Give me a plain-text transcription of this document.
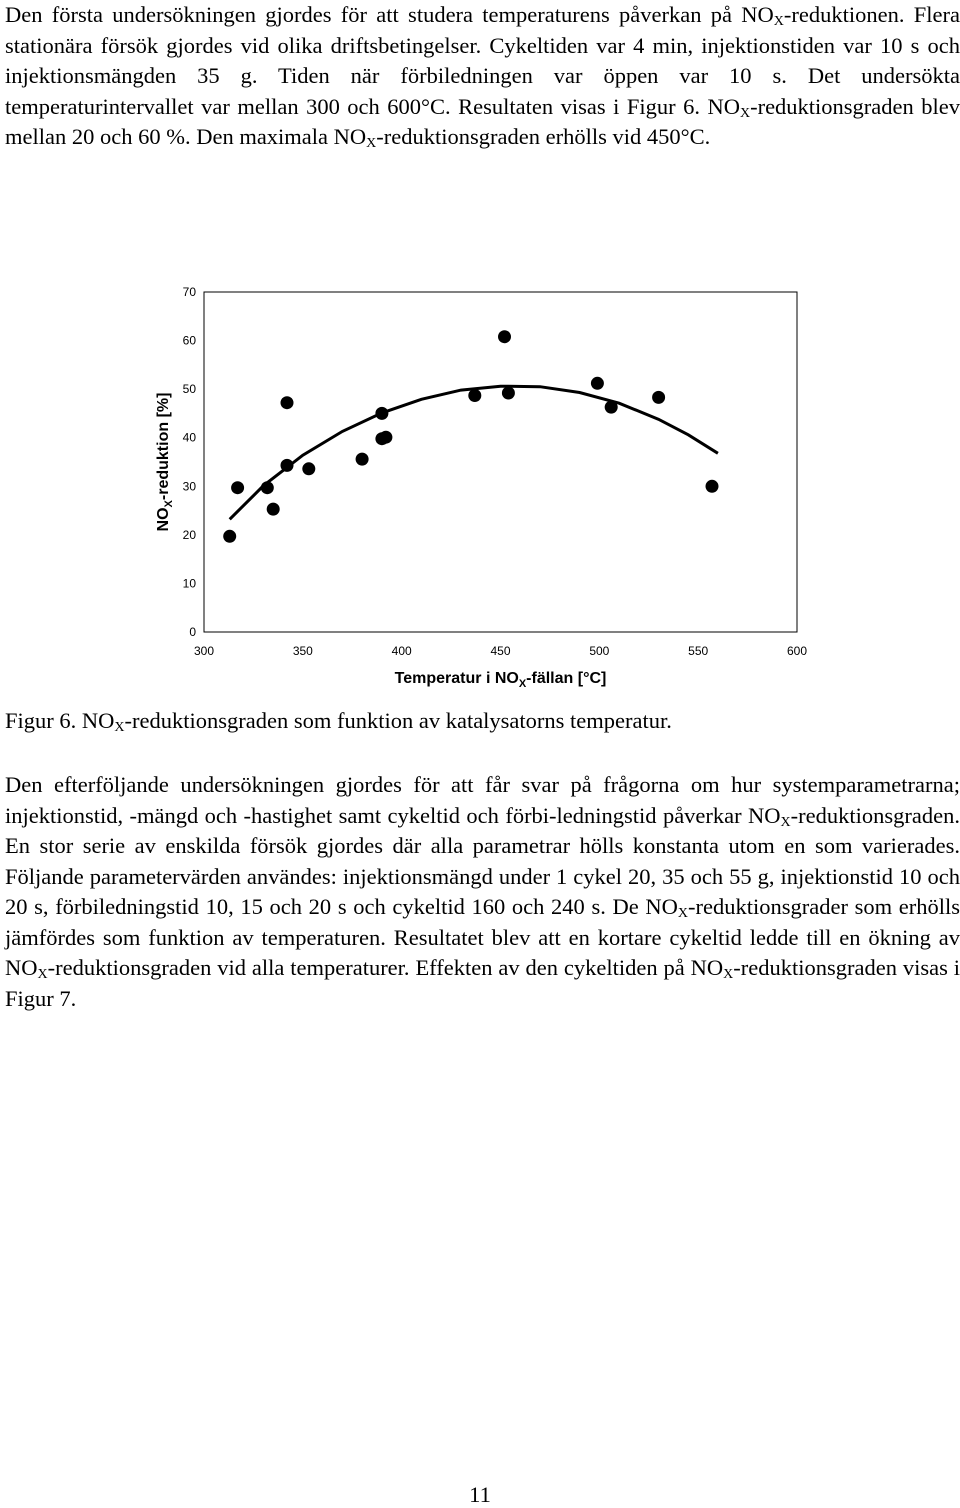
Den första undersökningen gjordes för att studera temperaturens påverkan på $NO_X$-reduktionen. Flera stationära försök gjordes vid olika driftsbetingelser. Cykeltiden var 4 min, injektionstiden var 10 s och injektionsmängden 35 g. Tiden när förbiledningen var öppen var 10 s. Det undersökta temperaturintervallet var mellan 300 och 600°C. Resultaten visas i Figur 6. $NO_X$-reduktionsgraden blev mellan 20 och 60 %. Den maximala $NO_X$-reduktionsgraden erhölls vid 450°C.

0
10
20
30
40
50
60
70
300	350	400	450	500	550	600
$NO_X$-reduktion [%]
Temperatur i $NO_X$-fällan [°C]

Figur 6. $NO_X$-reduktionsgraden som funktion av katalysatorns temperatur.

Den efterföljande undersökningen gjordes för att får svar på frågorna om hur systemparametrarna; injektionstid, -mängd och -hastighet samt cykeltid och förbi-ledningstid påverkar $NO_X$-reduktionsgraden. En stor serie av enskilda försök gjordes där alla parametrar hölls konstanta utom en som varierades. Följande parametervärden användes: injektionsmängd under 1 cykel 20, 35 och 55 g, injektionstid 10 och 20 s, förbiledningstid 10, 15 och 20 s och cykeltid 160 och 240 s. De $NO_X$-reduktionsgrader som erhölls jämfördes som funktion av temperaturen. Resultatet blev att en kortare cykeltid ledde till en ökning av $NO_X$-reduktionsgraden vid alla temperaturer. Effekten av den cykeltiden på $NO_X$-reduktionsgraden visas i Figur 7.

11
